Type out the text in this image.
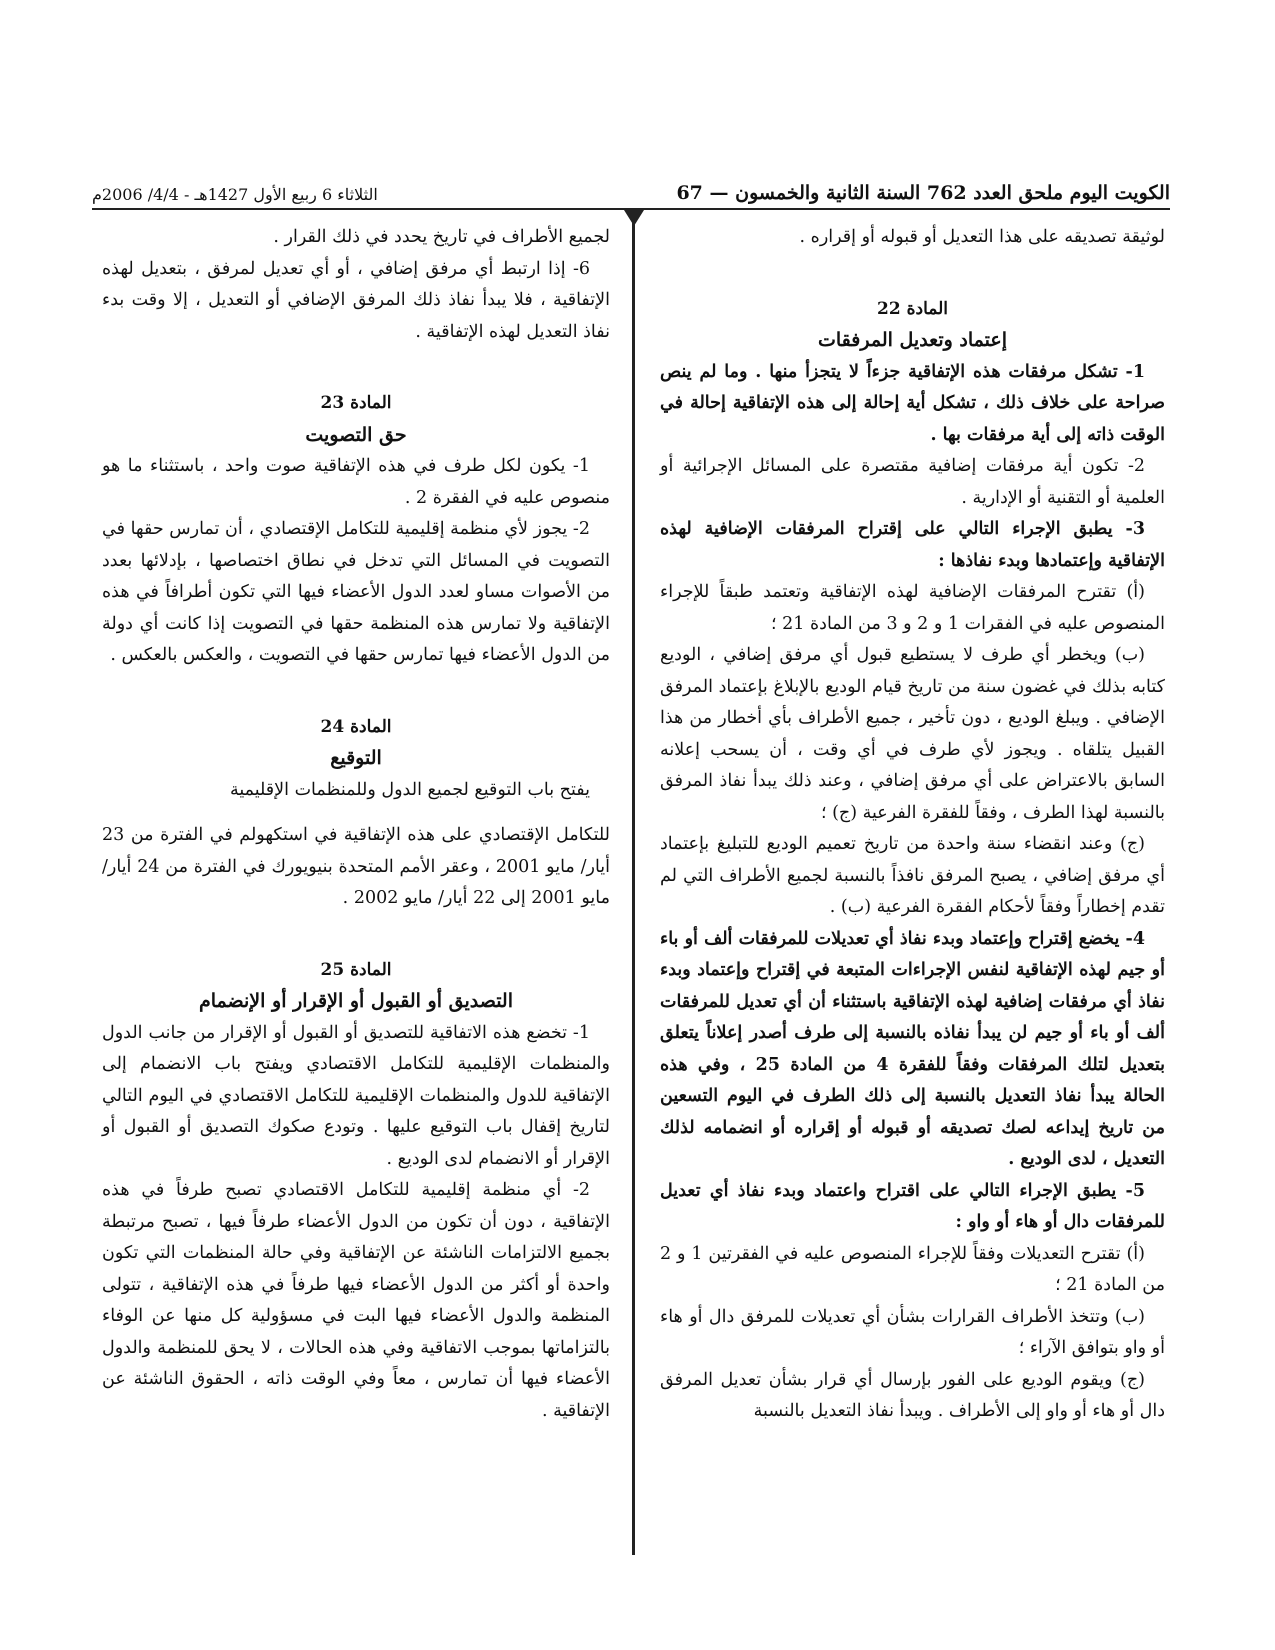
الكويت اليوم ملحق العدد 762 السنة الثانية والخمسون — 67
الثلاثاء 6 ربيع الأول 1427هـ - 4/4/ 2006م

لوثيقة تصديقه على هذا التعديل أو قبوله أو إقراره .

المادة 22

إعتماد وتعديل المرفقات

1- تشكل مرفقات هذه الإتفاقية جزءاً لا يتجزأ منها . وما لم ينص صراحة على خلاف ذلك ، تشكل أية إحالة إلى هذه الإتفاقية إحالة في الوقت ذاته إلى أية مرفقات بها .

2- تكون أية مرفقات إضافية مقتصرة على المسائل الإجرائية أو العلمية أو التقنية أو الإدارية .

3- يطبق الإجراء التالي على إقتراح المرفقات الإضافية لهذه الإتفاقية وإعتمادها وبدء نفاذها :

(أ) تقترح المرفقات الإضافية لهذه الإتفاقية وتعتمد طبقاً للإجراء المنصوص عليه في الفقرات 1 و 2 و 3 من المادة 21 ؛

(ب) ويخطر أي طرف لا يستطيع قبول أي مرفق إضافي ، الوديع كتابه بذلك في غضون سنة من تاريخ قيام الوديع بالإبلاغ بإعتماد المرفق الإضافي . ويبلغ الوديع ، دون تأخير ، جميع الأطراف بأي أخطار من هذا القبيل يتلقاه . ويجوز لأي طرف في أي وقت ، أن يسحب إعلانه السابق بالاعتراض على أي مرفق إضافي ، وعند ذلك يبدأ نفاذ المرفق بالنسبة لهذا الطرف ، وفقاً للفقرة الفرعية (ج) ؛

(ج) وعند انقضاء سنة واحدة من تاريخ تعميم الوديع للتبليغ بإعتماد أي مرفق إضافي ، يصبح المرفق نافذاً بالنسبة لجميع الأطراف التي لم تقدم إخطاراً وفقاً لأحكام الفقرة الفرعية (ب) .

4- يخضع إقتراح وإعتماد وبدء نفاذ أي تعديلات للمرفقات ألف أو باء أو جيم لهذه الإتفاقية لنفس الإجراءات المتبعة في إقتراح وإعتماد وبدء نفاذ أي مرفقات إضافية لهذه الإتفاقية باستثناء أن أي تعديل للمرفقات ألف أو باء أو جيم لن يبدأ نفاذه بالنسبة إلى طرف أصدر إعلاناً يتعلق بتعديل لتلك المرفقات وفقاً للفقرة 4 من المادة 25 ، وفي هذه الحالة يبدأ نفاذ التعديل بالنسبة إلى ذلك الطرف في اليوم التسعين من تاريخ إيداعه لصك تصديقه أو قبوله أو إقراره أو انضمامه لذلك التعديل ، لدى الوديع .

5- يطبق الإجراء التالي على اقتراح واعتماد وبدء نفاذ أي تعديل للمرفقات دال أو هاء أو واو :

(أ) تقترح التعديلات وفقاً للإجراء المنصوص عليه في الفقرتين 1 و 2 من المادة 21 ؛

(ب) وتتخذ الأطراف القرارات بشأن أي تعديلات للمرفق دال أو هاء أو واو بتوافق الآراء ؛

(ج) ويقوم الوديع على الفور بإرسال أي قرار بشأن تعديل المرفق دال أو هاء أو واو إلى الأطراف . ويبدأ نفاذ التعديل بالنسبة

لجميع الأطراف في تاريخ يحدد في ذلك القرار .

6- إذا ارتبط أي مرفق إضافي ، أو أي تعديل لمرفق ، بتعديل لهذه الإتفاقية ، فلا يبدأ نفاذ ذلك المرفق الإضافي أو التعديل ، إلا وقت بدء نفاذ التعديل لهذه الإتفاقية .

المادة 23

حق التصويت

1- يكون لكل طرف في هذه الإتفاقية صوت واحد ، باستثناء ما هو منصوص عليه في الفقرة 2 .

2- يجوز لأي منظمة إقليمية للتكامل الإقتصادي ، أن تمارس حقها في التصويت في المسائل التي تدخل في نطاق اختصاصها ، بإدلائها بعدد من الأصوات مساو لعدد الدول الأعضاء فيها التي تكون أطرافاً في هذه الإتفاقية ولا تمارس هذه المنظمة حقها في التصويت إذا كانت أي دولة من الدول الأعضاء فيها تمارس حقها في التصويت ، والعكس بالعكس .

المادة 24

التوقيع

يفتح باب التوقيع لجميع الدول وللمنظمات الإقليمية

للتكامل الإقتصادي على هذه الإتفاقية في استكهولم في الفترة من 23 أيار/ مايو 2001 ، وعقر الأمم المتحدة بنيويورك في الفترة من 24 أيار/ مايو 2001 إلى 22 أيار/ مايو 2002 .

المادة 25

التصديق أو القبول أو الإقرار أو الإنضمام

1- تخضع هذه الاتفاقية للتصديق أو القبول أو الإقرار من جانب الدول والمنظمات الإقليمية للتكامل الاقتصادي ويفتح باب الانضمام إلى الإتفاقية للدول والمنظمات الإقليمية للتكامل الاقتصادي في اليوم التالي لتاريخ إقفال باب التوقيع عليها . وتودع صكوك التصديق أو القبول أو الإقرار أو الانضمام لدى الوديع .

2- أي منظمة إقليمية للتكامل الاقتصادي تصبح طرفاً في هذه الإتفاقية ، دون أن تكون من الدول الأعضاء طرفاً فيها ، تصبح مرتبطة بجميع الالتزامات الناشئة عن الإتفاقية وفي حالة المنظمات التي تكون واحدة أو أكثر من الدول الأعضاء فيها طرفاً في هذه الإتفاقية ، تتولى المنظمة والدول الأعضاء فيها البت في مسؤولية كل منها عن الوفاء بالتزاماتها بموجب الاتفاقية وفي هذه الحالات ، لا يحق للمنظمة والدول الأعضاء فيها أن تمارس ، معاً وفي الوقت ذاته ، الحقوق الناشئة عن الإتفاقية .
